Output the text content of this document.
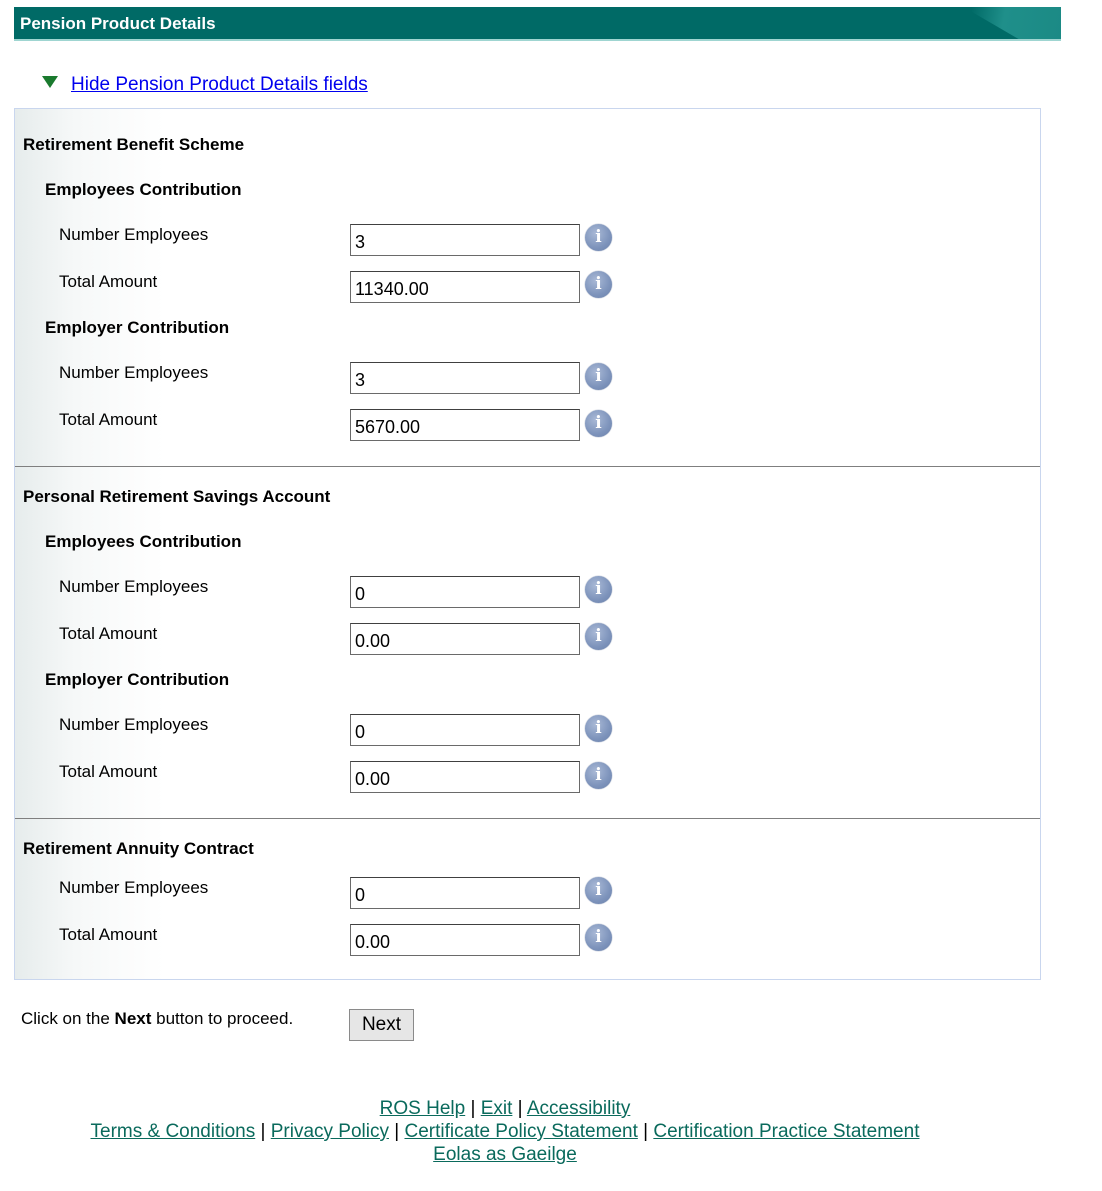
Pension Product Details
Hide Pension Product Details fields
Retirement Benefit Scheme
Employees Contribution
Number Employees
3	i
Total Amount
11340.00	i
Employer Contribution
Number Employees
3	i
Total Amount
5670.00	i
Personal Retirement Savings Account
Employees Contribution
Number Employees
0	i
Total Amount
0.00	i
Employer Contribution
Number Employees
0	i
Total Amount
0.00	i
Retirement Annuity Contract
Number Employees
0	i
Total Amount
0.00	i
Click on the Next button to proceed.	Next
ROS Help | Exit | Accessibility
Terms & Conditions | Privacy Policy | Certificate Policy Statement | Certification Practice Statement
Eolas as Gaeilge
